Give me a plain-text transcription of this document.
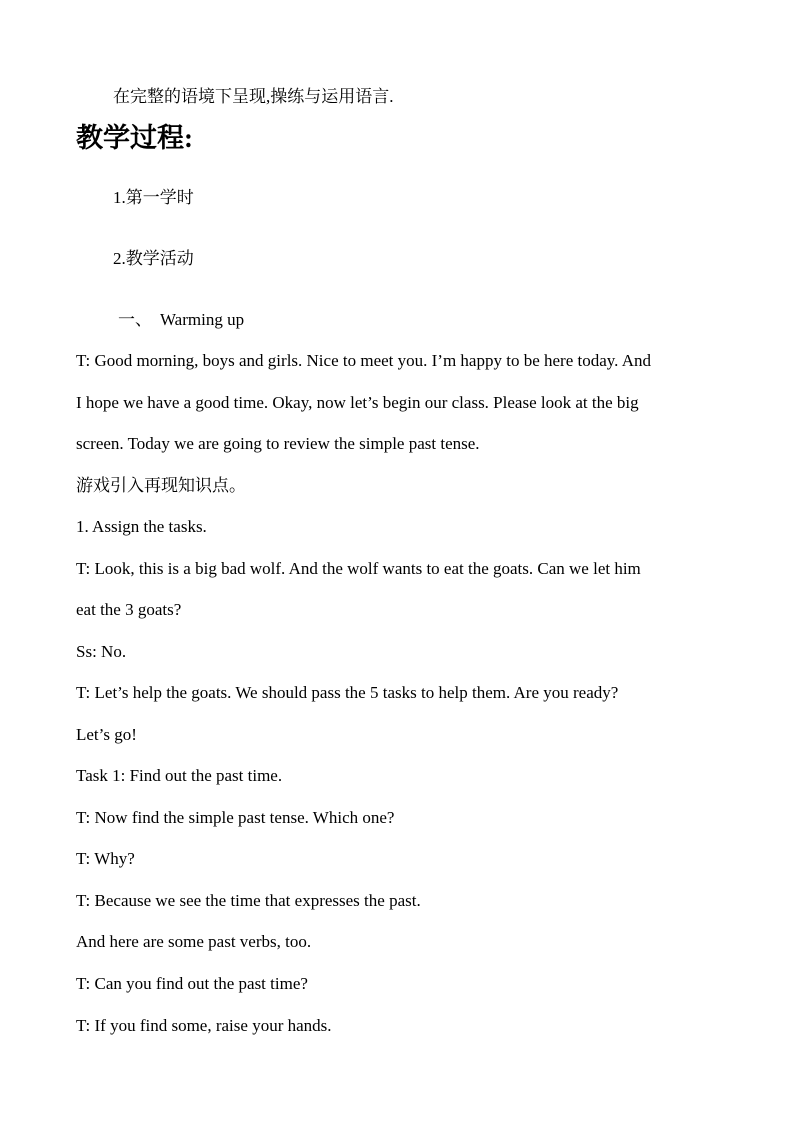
在完整的语境下呈现,操练与运用语言.
教学过程:
1.第一学时
2.教学活动
一、 Warming up
T: Good morning, boys and girls. Nice to meet you. I’m happy to be here today. And
I hope we have a good time. Okay, now let’s begin our class. Please look at the big
screen. Today we are going to review the simple past tense.
游戏引入再现知识点。
1. Assign the tasks.
T: Look, this is a big bad wolf. And the wolf wants to eat the goats. Can we let him
eat the 3 goats?
Ss: No.
T: Let’s help the goats. We should pass the 5 tasks to help them. Are you ready?
Let’s go!
Task 1: Find out the past time.
T: Now find the simple past tense. Which one?
T: Why?
T: Because we see the time that expresses the past.
And here are some past verbs, too.
T: Can you find out the past time?
T: If you find some, raise your hands.
